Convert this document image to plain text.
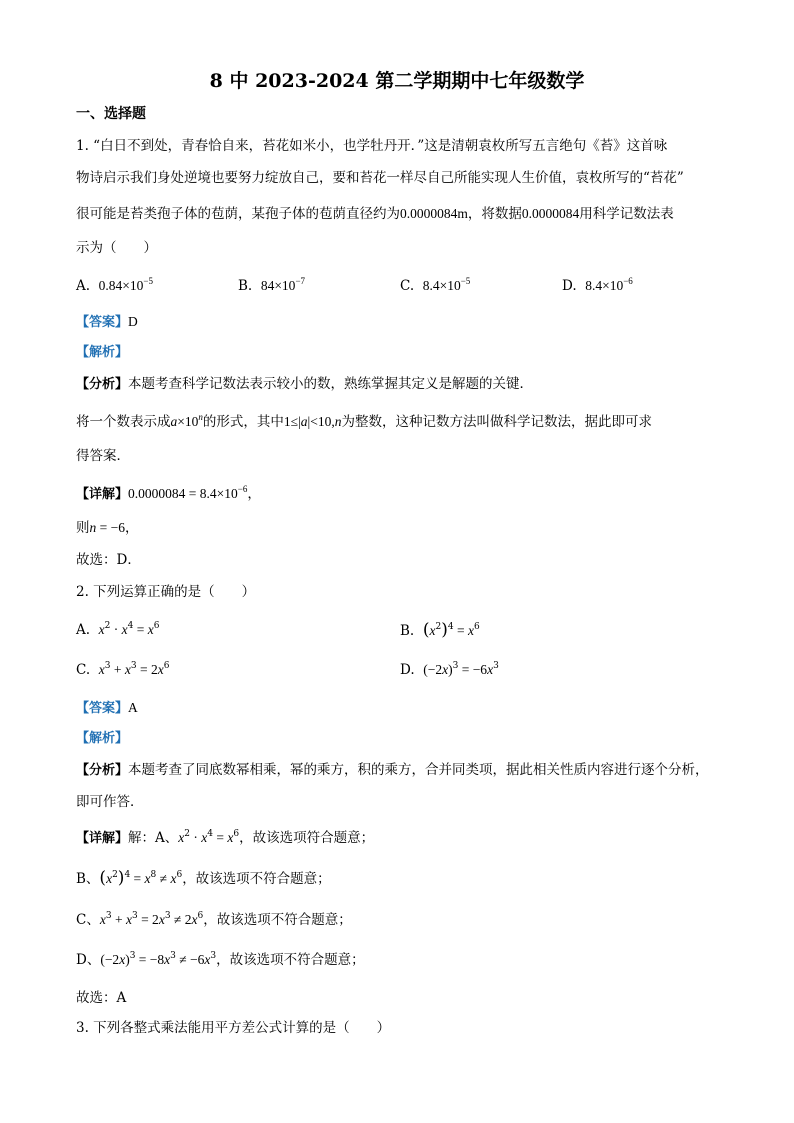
8 中 2023-2024 第二学期期中七年级数学
一、选择题
1. “白日不到处，青春恰自来，苔花如米小，也学牡丹开．”这是清朝袁枚所写五言绝句《苔》这首咏
物诗启示我们身处逆境也要努力绽放自己，要和苔花一样尽自己所能实现人生价值，袁枚所写的“苔花”
很可能是苔类孢子体的苞荫，某孢子体的苞荫直径约为0.0000084m，将数据0.0000084用科学记数法表
示为（　　）
A. $0.84\times 10^{-5}$	B. $84\times 10^{-7}$	C. $8.4\times 10^{-5}$	D. $8.4\times 10^{-6}$
【答案】D
【解析】
【分析】本题考查科学记数法表示较小的数，熟练掌握其定义是解题的关键．
将一个数表示成$a\times 10^n$的形式，其中1≤|a|<10,n为整数，这种记数方法叫做科学记数法，据此即可求
得答案．
【详解】$0.0000084 = 8.4\times 10^{-6}$，
则n = −6，
故选：D．
2. 下列运算正确的是（　　）
A. $x^2 \cdot x^4 = x^6$	B. $(x^2)^4 = x^6$
C. $x^3 + x^3 = 2x^6$	D. $(-2x)^3 = -6x^3$
【答案】A
【解析】
【分析】本题考查了同底数幂相乘，幂的乘方，积的乘方，合并同类项，据此相关性质内容进行逐个分析，
即可作答．
【详解】解：A、$x^2 \cdot x^4 = x^6$，故该选项符合题意；
B、$(x^2)^4 = x^8 \ne x^6$，故该选项不符合题意；
C、$x^3 + x^3 = 2x^3 \ne 2x^6$，故该选项不符合题意；
D、$(-2x)^3 = -8x^3 \ne -6x^3$，故该选项不符合题意；
故选：A
3. 下列各整式乘法能用平方差公式计算的是（　　）
